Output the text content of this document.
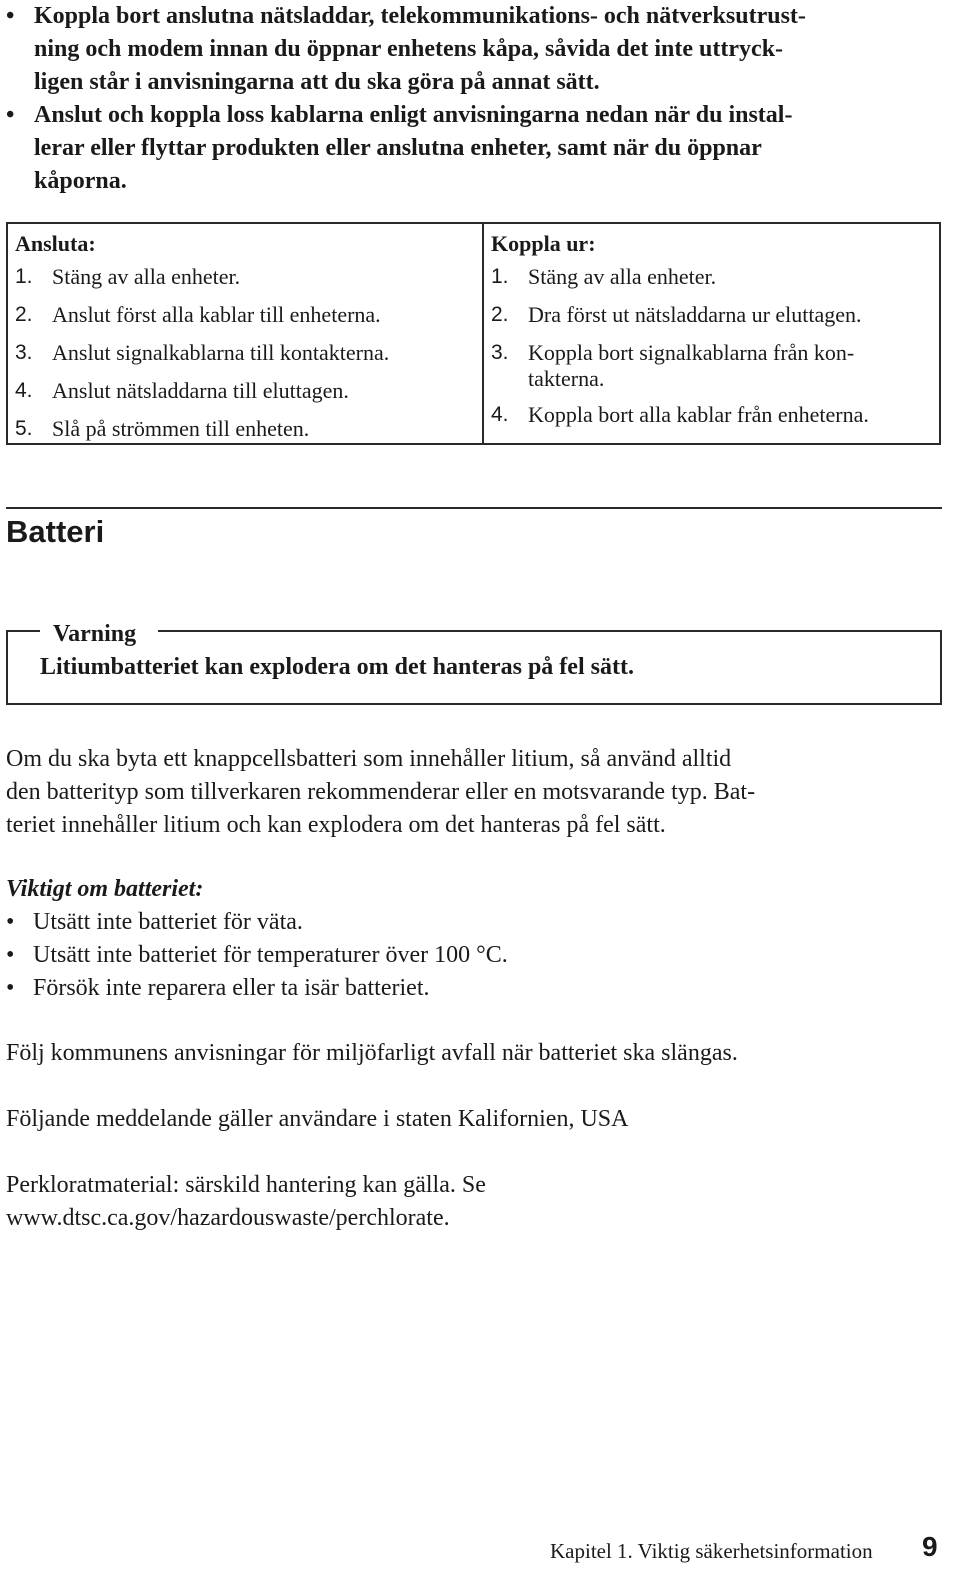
• Koppla bort anslutna nätsladdar, telekommunikations- och nätverksutrust-
ning och modem innan du öppnar enhetens kåpa, såvida det inte uttryck-
ligen står i anvisningarna att du ska göra på annat sätt.
• Anslut och koppla loss kablarna enligt anvisningarna nedan när du instal-
lerar eller flyttar produkten eller anslutna enheter, samt när du öppnar
kåporna.
Ansluta:
1. Stäng av alla enheter.
2. Anslut först alla kablar till enheterna.
3. Anslut signalkablarna till kontakterna.
4. Anslut nätsladdarna till eluttagen.
5. Slå på strömmen till enheten.
Koppla ur:
1. Stäng av alla enheter.
2. Dra först ut nätsladdarna ur eluttagen.
3. Koppla bort signalkablarna från kon-
takterna.
4. Koppla bort alla kablar från enheterna.
Batteri
Varning
Litiumbatteriet kan explodera om det hanteras på fel sätt.
Om du ska byta ett knappcellsbatteri som innehåller litium, så använd alltid
den batterityp som tillverkaren rekommenderar eller en motsvarande typ. Bat-
teriet innehåller litium och kan explodera om det hanteras på fel sätt.
Viktigt om batteriet:
• Utsätt inte batteriet för väta.
• Utsätt inte batteriet för temperaturer över 100 °C.
• Försök inte reparera eller ta isär batteriet.
Följ kommunens anvisningar för miljöfarligt avfall när batteriet ska slängas.
Följande meddelande gäller användare i staten Kalifornien, USA
Perkloratmaterial: särskild hantering kan gälla. Se
www.dtsc.ca.gov/hazardouswaste/perchlorate.
Kapitel 1. Viktig säkerhetsinformation 9
